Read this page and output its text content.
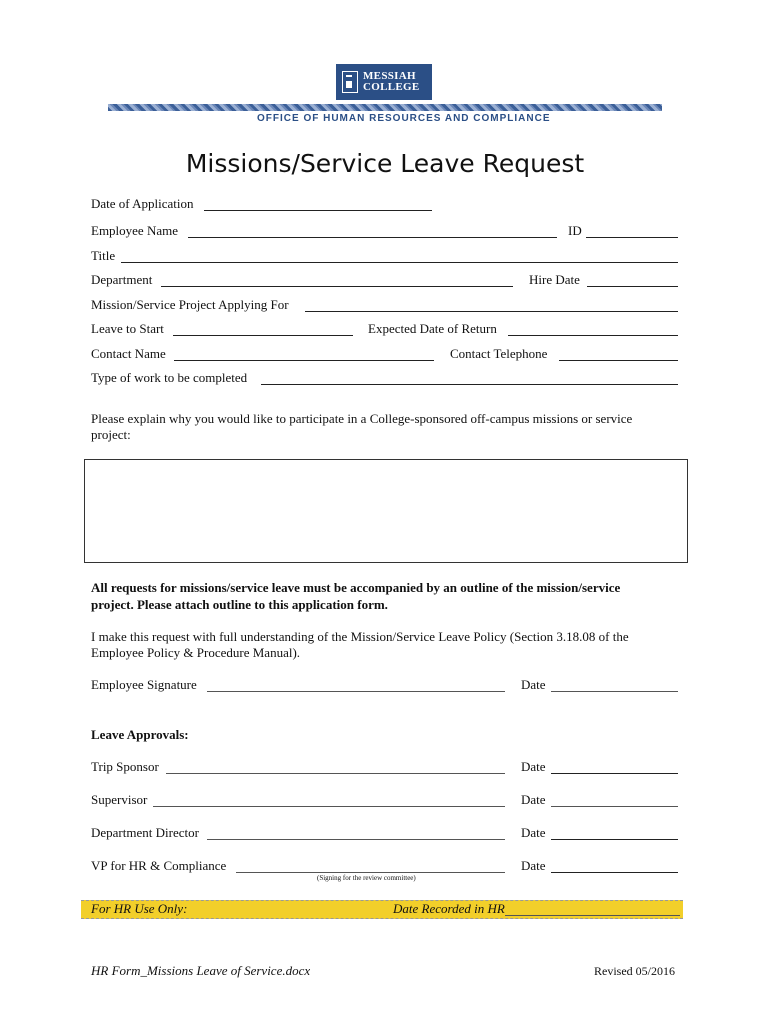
MESSIAH
COLLEGE
OFFICE OF HUMAN RESOURCES AND COMPLIANCE
Missions/Service Leave Request
Date of Application
Employee Name	ID
Title
Department	Hire Date
Mission/Service Project Applying For
Leave to Start	Expected Date of Return
Contact Name	Contact Telephone
Type of work to be completed
Please explain why you would like to participate in a College-sponsored off-campus missions or service
project:
All requests for missions/service leave must be accompanied by an outline of the mission/service
project. Please attach outline to this application form.
I make this request with full understanding of the Mission/Service Leave Policy (Section 3.18.08 of the
Employee Policy & Procedure Manual).
Employee Signature	Date
Leave Approvals:
Trip Sponsor	Date
Supervisor	Date
Department Director	Date
VP for HR & Compliance	Date
(Signing for the review committee)
For HR Use Only:	Date Recorded in HR
HR Form_Missions Leave of Service.docx	Revised 05/2016
